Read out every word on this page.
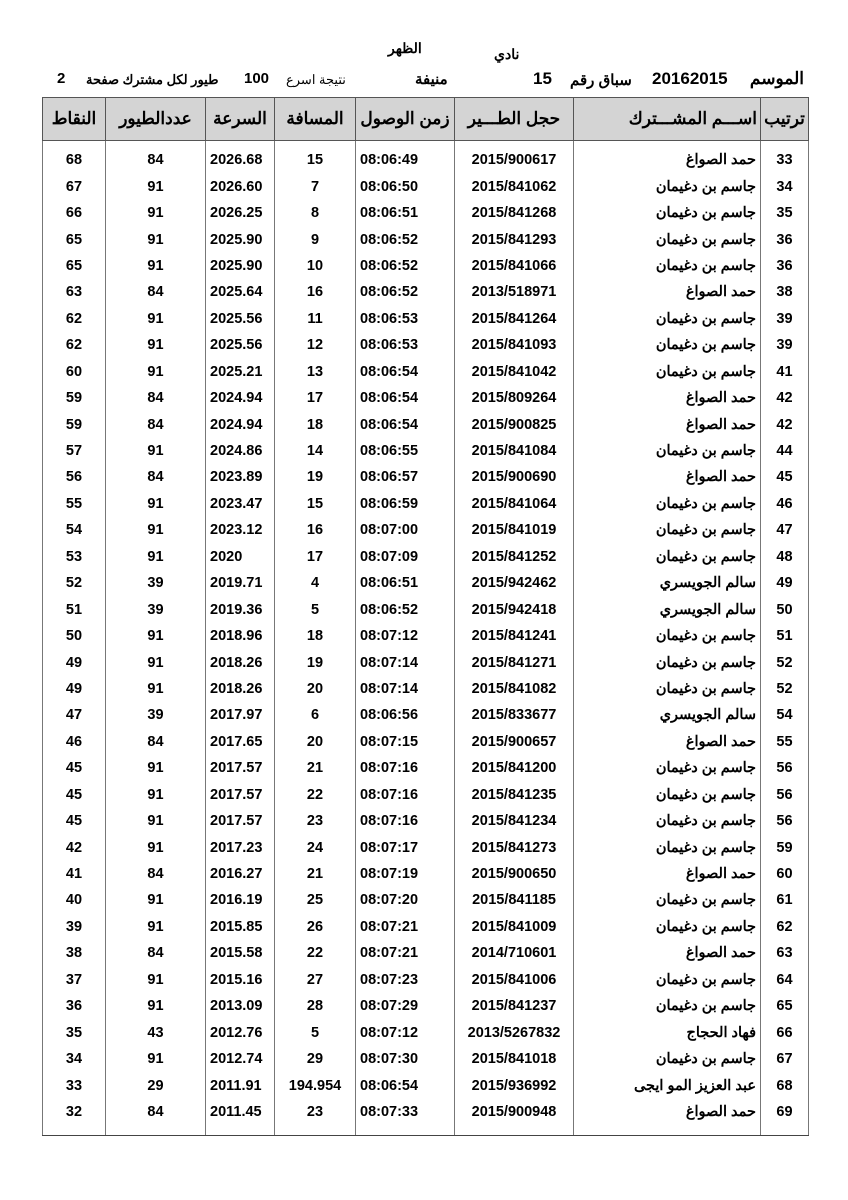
نادي
الظهر
الموسم
20162015
سباق رقم
15
منيفة
نتيجة اسرع
100
طيور لكل مشترك صفحة
2
ترتيب	اســـم المشـــترك	حجل الطـــير	زمن الوصول	المسافة	السرعة	عددالطيور	النقاط
33	حمد الصواغ	2015/900617	08:06:49	15	2026.68	84	68
34	جاسم بن دغيمان	2015/841062	08:06:50	7	2026.60	91	67
35	جاسم بن دغيمان	2015/841268	08:06:51	8	2026.25	91	66
36	جاسم بن دغيمان	2015/841293	08:06:52	9	2025.90	91	65
36	جاسم بن دغيمان	2015/841066	08:06:52	10	2025.90	91	65
38	حمد الصواغ	2013/518971	08:06:52	16	2025.64	84	63
39	جاسم بن دغيمان	2015/841264	08:06:53	11	2025.56	91	62
39	جاسم بن دغيمان	2015/841093	08:06:53	12	2025.56	91	62
41	جاسم بن دغيمان	2015/841042	08:06:54	13	2025.21	91	60
42	حمد الصواغ	2015/809264	08:06:54	17	2024.94	84	59
42	حمد الصواغ	2015/900825	08:06:54	18	2024.94	84	59
44	جاسم بن دغيمان	2015/841084	08:06:55	14	2024.86	91	57
45	حمد الصواغ	2015/900690	08:06:57	19	2023.89	84	56
46	جاسم بن دغيمان	2015/841064	08:06:59	15	2023.47	91	55
47	جاسم بن دغيمان	2015/841019	08:07:00	16	2023.12	91	54
48	جاسم بن دغيمان	2015/841252	08:07:09	17	2020	91	53
49	سالم الجويسري	2015/942462	08:06:51	4	2019.71	39	52
50	سالم الجويسري	2015/942418	08:06:52	5	2019.36	39	51
51	جاسم بن دغيمان	2015/841241	08:07:12	18	2018.96	91	50
52	جاسم بن دغيمان	2015/841271	08:07:14	19	2018.26	91	49
52	جاسم بن دغيمان	2015/841082	08:07:14	20	2018.26	91	49
54	سالم الجويسري	2015/833677	08:06:56	6	2017.97	39	47
55	حمد الصواغ	2015/900657	08:07:15	20	2017.65	84	46
56	جاسم بن دغيمان	2015/841200	08:07:16	21	2017.57	91	45
56	جاسم بن دغيمان	2015/841235	08:07:16	22	2017.57	91	45
56	جاسم بن دغيمان	2015/841234	08:07:16	23	2017.57	91	45
59	جاسم بن دغيمان	2015/841273	08:07:17	24	2017.23	91	42
60	حمد الصواغ	2015/900650	08:07:19	21	2016.27	84	41
61	جاسم بن دغيمان	2015/841185	08:07:20	25	2016.19	91	40
62	جاسم بن دغيمان	2015/841009	08:07:21	26	2015.85	91	39
63	حمد الصواغ	2014/710601	08:07:21	22	2015.58	84	38
64	جاسم بن دغيمان	2015/841006	08:07:23	27	2015.16	91	37
65	جاسم بن دغيمان	2015/841237	08:07:29	28	2013.09	91	36
66	فهاد الحجاج	2013/5267832	08:07:12	5	2012.76	43	35
67	جاسم بن دغيمان	2015/841018	08:07:30	29	2012.74	91	34
68	عبد العزيز المو ايجى	2015/936992	08:06:54	194.954	2011.91	29	33
69	حمد الصواغ	2015/900948	08:07:33	23	2011.45	84	32
